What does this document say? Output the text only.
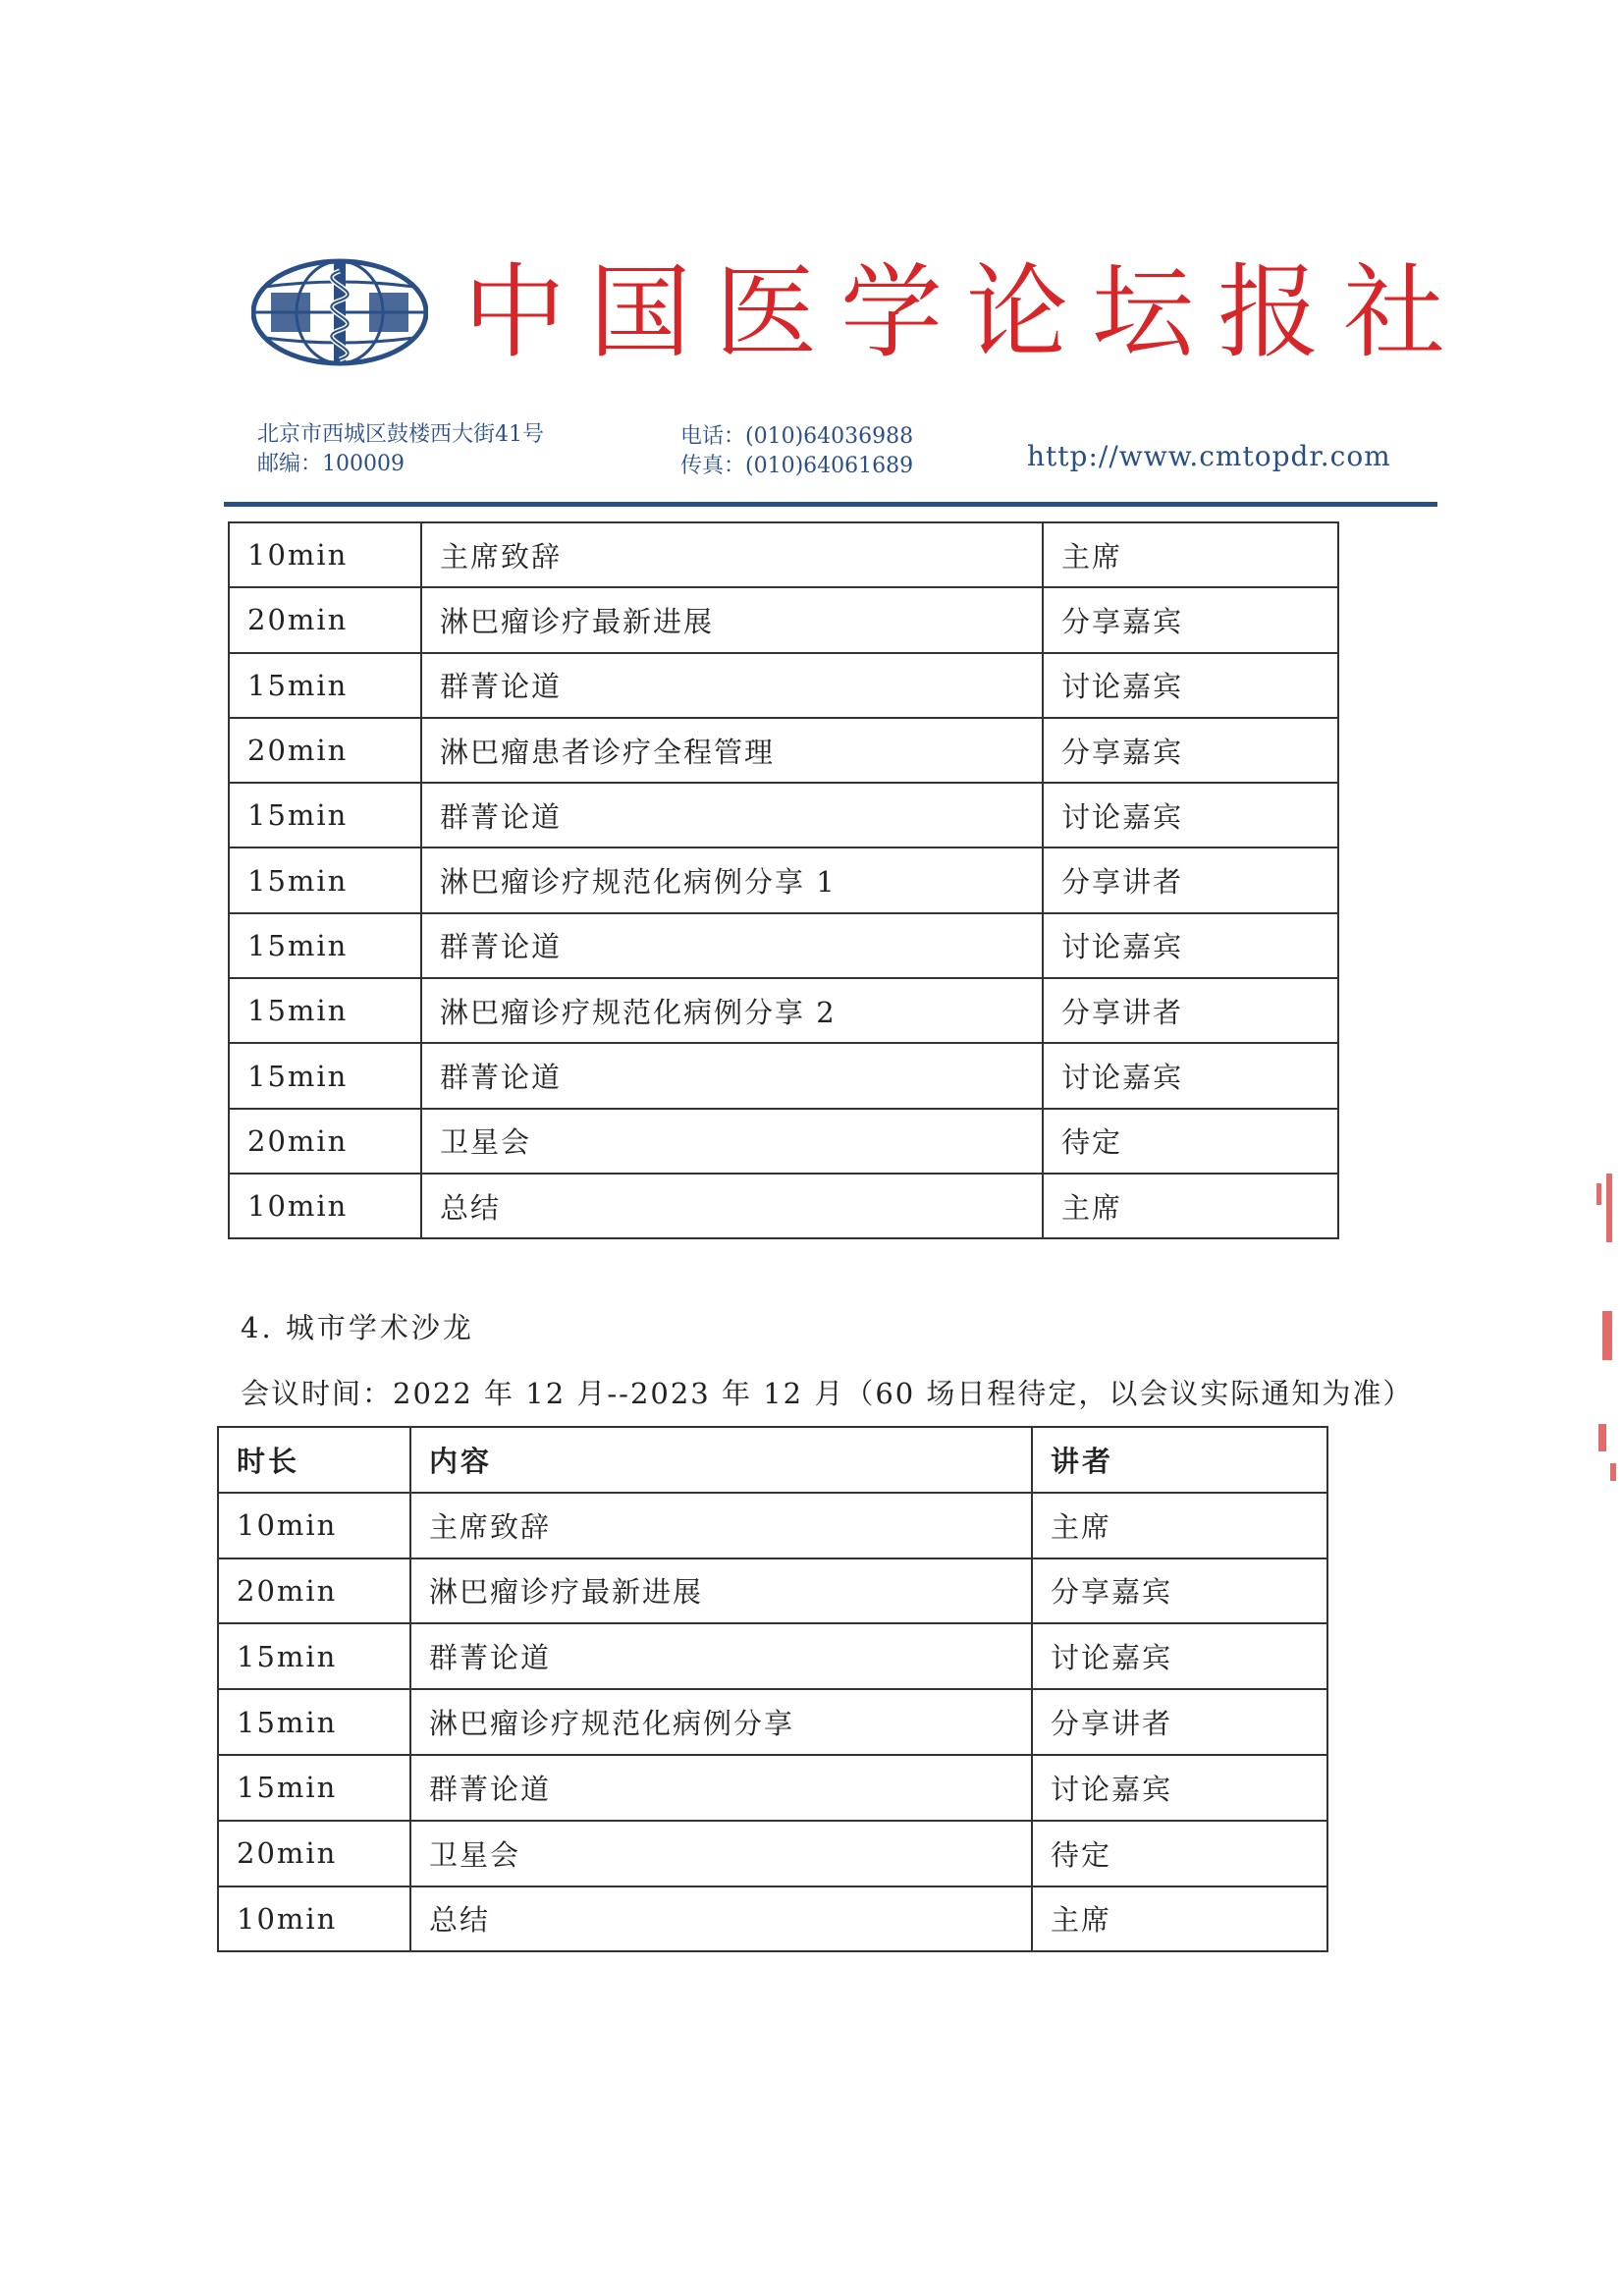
中国医学论坛报社
北京市西城区鼓楼西大街41号
邮编：100009
电话：(010)64036988
传真：(010)64061689	http://www.cmtopdr.com
10min	主席致辞	主席
20min	淋巴瘤诊疗最新进展	分享嘉宾
15min	群菁论道	讨论嘉宾
20min	淋巴瘤患者诊疗全程管理	分享嘉宾
15min	群菁论道	讨论嘉宾
15min	淋巴瘤诊疗规范化病例分享 1	分享讲者
15min	群菁论道	讨论嘉宾
15min	淋巴瘤诊疗规范化病例分享 2	分享讲者
15min	群菁论道	讨论嘉宾
20min	卫星会	待定
10min	总结	主席
4. 城市学术沙龙
会议时间：2022 年 12 月--2023 年 12 月（60 场日程待定，以会议实际通知为准）
时长	内容	讲者
10min	主席致辞	主席
20min	淋巴瘤诊疗最新进展	分享嘉宾
15min	群菁论道	讨论嘉宾
15min	淋巴瘤诊疗规范化病例分享	分享讲者
15min	群菁论道	讨论嘉宾
20min	卫星会	待定
10min	总结	主席
